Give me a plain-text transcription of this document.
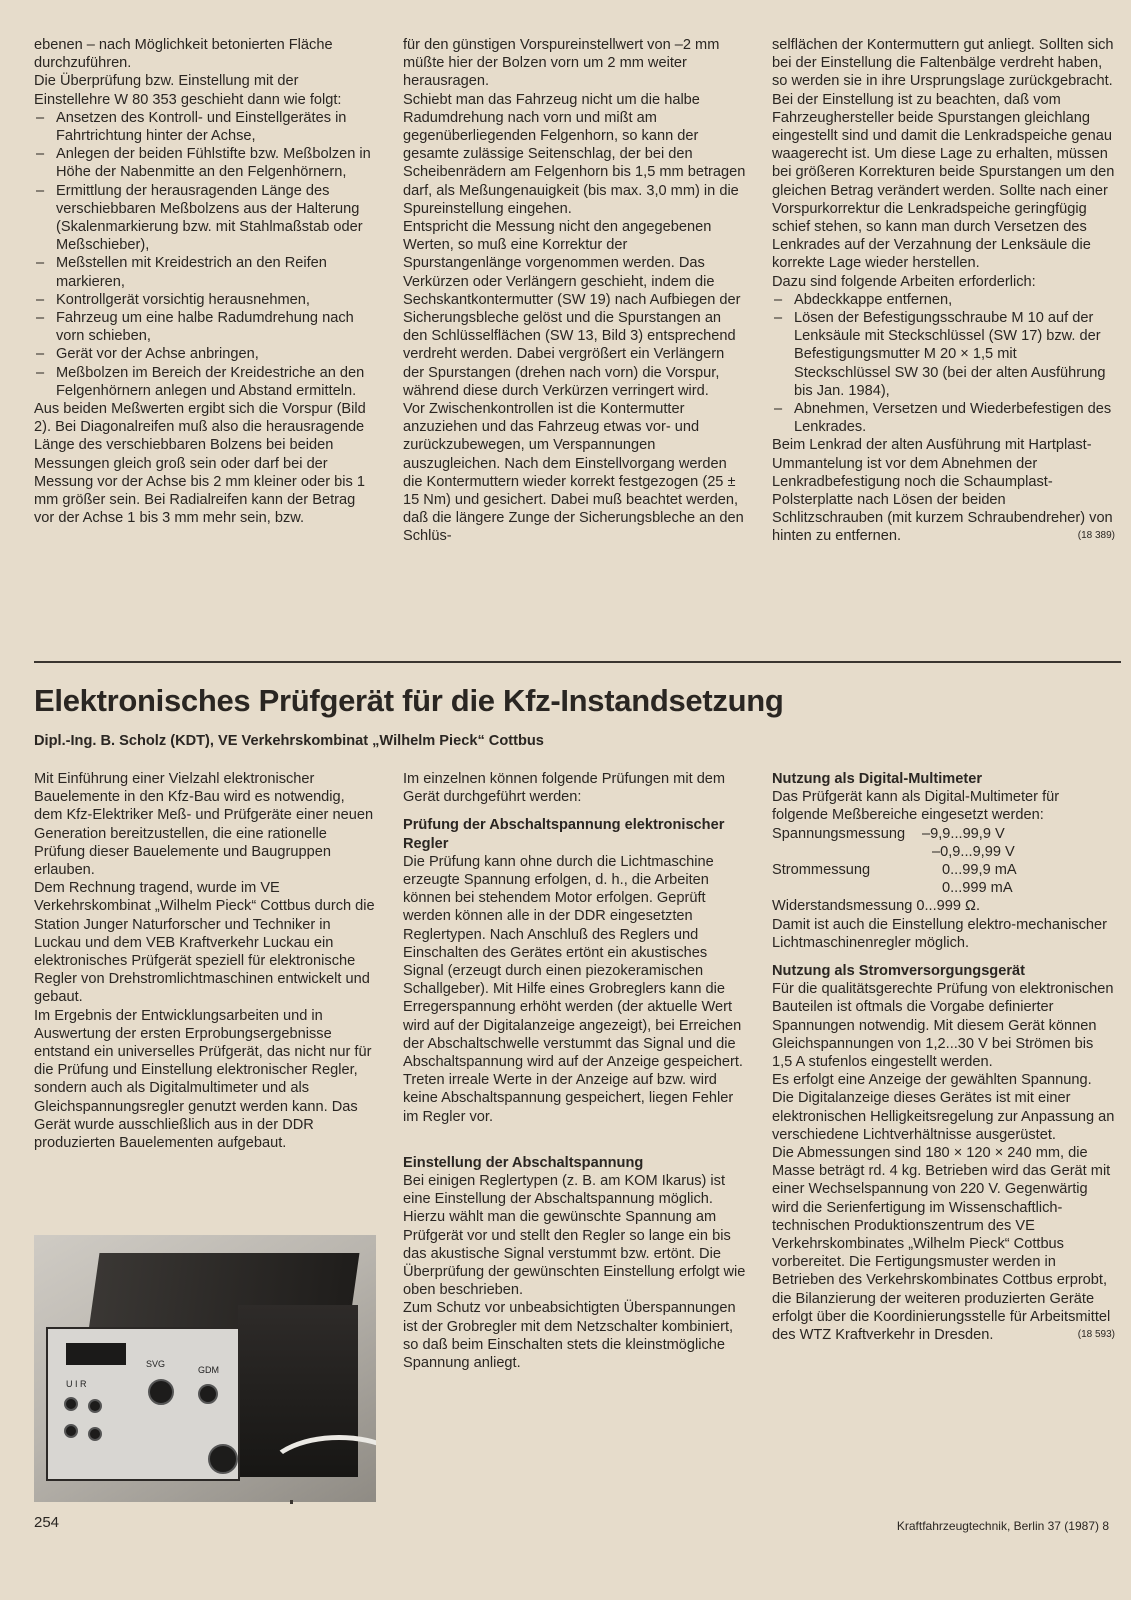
ebenen – nach Möglichkeit betonierten Fläche durchzuführen.

Die Überprüfung bzw. Einstellung mit der Einstellehre W 80 353 geschieht dann wie folgt:

– Ansetzen des Kontroll- und Einstellgerätes in Fahrtrichtung hinter der Achse,
– Anlegen der beiden Fühlstifte bzw. Meßbolzen in Höhe der Nabenmitte an den Felgenhörnern,
– Ermittlung der herausragenden Länge des verschiebbaren Meßbolzens aus der Halterung (Skalenmarkierung bzw. mit Stahlmaßstab oder Meßschieber),
– Meßstellen mit Kreidestrich an den Reifen markieren,
– Kontrollgerät vorsichtig herausnehmen,
– Fahrzeug um eine halbe Radumdrehung nach vorn schieben,
– Gerät vor der Achse anbringen,
– Meßbolzen im Bereich der Kreidestriche an den Felgenhörnern anlegen und Abstand ermitteln.

Aus beiden Meßwerten ergibt sich die Vorspur (Bild 2). Bei Diagonalreifen muß also die herausragende Länge des verschiebbaren Bolzens bei beiden Messungen gleich groß sein oder darf bei der Messung vor der Achse bis 2 mm kleiner oder bis 1 mm größer sein. Bei Radialreifen kann der Betrag vor der Achse 1 bis 3 mm mehr sein, bzw.

für den günstigen Vorspureinstellwert von –2 mm müßte hier der Bolzen vorn um 2 mm weiter herausragen.

Schiebt man das Fahrzeug nicht um die halbe Radumdrehung nach vorn und mißt am gegenüberliegenden Felgenhorn, so kann der gesamte zulässige Seitenschlag, der bei den Scheibenrädern am Felgenhorn bis 1,5 mm betragen darf, als Meßungenauigkeit (bis max. 3,0 mm) in die Spureinstellung eingehen.

Entspricht die Messung nicht den angegebenen Werten, so muß eine Korrektur der Spurstangenlänge vorgenommen werden. Das Verkürzen oder Verlängern geschieht, indem die Sechskantkontermutter (SW 19) nach Aufbiegen der Sicherungsbleche gelöst und die Spurstangen an den Schlüsselflächen (SW 13, Bild 3) entsprechend verdreht werden. Dabei vergrößert ein Verlängern der Spurstangen (drehen nach vorn) die Vorspur, während diese durch Verkürzen verringert wird.

Vor Zwischenkontrollen ist die Kontermutter anzuziehen und das Fahrzeug etwas vor- und zurückzubewegen, um Verspannungen auszugleichen. Nach dem Einstellvorgang werden die Kontermuttern wieder korrekt festgezogen (25 ± 15 Nm) und gesichert. Dabei muß beachtet werden, daß die längere Zunge der Sicherungsbleche an den Schlüs-

selflächen der Kontermuttern gut anliegt. Sollten sich bei der Einstellung die Faltenbälge verdreht haben, so werden sie in ihre Ursprungslage zurückgebracht.

Bei der Einstellung ist zu beachten, daß vom Fahrzeughersteller beide Spurstangen gleichlang eingestellt sind und damit die Lenkradspeiche genau waagerecht ist. Um diese Lage zu erhalten, müssen bei größeren Korrekturen beide Spurstangen um den gleichen Betrag verändert werden. Sollte nach einer Vorspurkorrektur die Lenkradspeiche geringfügig schief stehen, so kann man durch Versetzen des Lenkrades auf der Verzahnung der Lenksäule die korrekte Lage wieder herstellen.

Dazu sind folgende Arbeiten erforderlich:

– Abdeckkappe entfernen,
– Lösen der Befestigungsschraube M 10 auf der Lenksäule mit Steckschlüssel (SW 17) bzw. der Befestigungsmutter M 20 × 1,5 mit Steckschlüssel SW 30 (bei der alten Ausführung bis Jan. 1984),
– Abnehmen, Versetzen und Wiederbefestigen des Lenkrades.

Beim Lenkrad der alten Ausführung mit Hartplast-Ummantelung ist vor dem Abnehmen der Lenkradbefestigung noch die Schaumplast-Polsterplatte nach Lösen der beiden Schlitzschrauben (mit kurzem Schraubendreher) von hinten zu entfernen.	(18 389)

Elektronisches Prüfgerät für die Kfz-Instandsetzung
Dipl.-Ing. B. Scholz (KDT), VE Verkehrskombinat „Wilhelm Pieck“ Cottbus

Mit Einführung einer Vielzahl elektronischer Bauelemente in den Kfz-Bau wird es notwendig, dem Kfz-Elektriker Meß- und Prüfgeräte einer neuen Generation bereitzustellen, die eine rationelle Prüfung dieser Bauelemente und Baugruppen erlauben.

Dem Rechnung tragend, wurde im VE Verkehrskombinat „Wilhelm Pieck“ Cottbus durch die Station Junger Naturforscher und Techniker in Luckau und dem VEB Kraftverkehr Luckau ein elektronisches Prüfgerät speziell für elektronische Regler von Drehstromlichtmaschinen entwickelt und gebaut.

Im Ergebnis der Entwicklungsarbeiten und in Auswertung der ersten Erprobungsergebnisse entstand ein universelles Prüfgerät, das nicht nur für die Prüfung und Einstellung elektronischer Regler, sondern auch als Digitalmultimeter und als Gleichspannungsregler genutzt werden kann. Das Gerät wurde ausschließlich aus in der DDR produzierten Bauelementen aufgebaut.

U I R
SVG
GDM

Im einzelnen können folgende Prüfungen mit dem Gerät durchgeführt werden:

Prüfung der Abschaltspannung elektronischer Regler

Die Prüfung kann ohne durch die Lichtmaschine erzeugte Spannung erfolgen, d. h., die Arbeiten können bei stehendem Motor erfolgen. Geprüft werden können alle in der DDR eingesetzten Reglertypen. Nach Anschluß des Reglers und Einschalten des Gerätes ertönt ein akustisches Signal (erzeugt durch einen piezokeramischen Schallgeber). Mit Hilfe eines Grobreglers kann die Erregerspannung erhöht werden (der aktuelle Wert wird auf der Digitalanzeige angezeigt), bei Erreichen der Abschaltschwelle verstummt das Signal und die Abschaltspannung wird auf der Anzeige gespeichert. Treten irreale Werte in der Anzeige auf bzw. wird keine Abschaltspannung gespeichert, liegen Fehler im Regler vor.

Einstellung der Abschaltspannung

Bei einigen Reglertypen (z. B. am KOM Ikarus) ist eine Einstellung der Abschaltspannung möglich. Hierzu wählt man die gewünschte Spannung am Prüfgerät vor und stellt den Regler so lange ein bis das akustische Signal verstummt bzw. ertönt. Die Überprüfung der gewünschten Einstellung erfolgt wie oben beschrieben.

Zum Schutz vor unbeabsichtigten Überspannungen ist der Grobregler mit dem Netzschalter kombiniert, so daß beim Einschalten stets die kleinstmögliche Spannung anliegt.

Nutzung als Digital-Multimeter

Das Prüfgerät kann als Digital-Multimeter für folgende Meßbereiche eingesetzt werden:

Spannungsmessung	–9,9...99,9 V
–0,9...9,99 V
Strommessung	0...99,9 mA
0...999 mA

Widerstandsmessung 0...999 Ω.

Damit ist auch die Einstellung elektro-mechanischer Lichtmaschinenregler möglich.

Nutzung als Stromversorgungsgerät

Für die qualitätsgerechte Prüfung von elektronischen Bauteilen ist oftmals die Vorgabe definierter Spannungen notwendig. Mit diesem Gerät können Gleichspannungen von 1,2...30 V bei Strömen bis 1,5 A stufenlos eingestellt werden.

Es erfolgt eine Anzeige der gewählten Spannung.

Die Digitalanzeige dieses Gerätes ist mit einer elektronischen Helligkeitsregelung zur Anpassung an verschiedene Lichtverhältnisse ausgerüstet.

Die Abmessungen sind 180 × 120 × 240 mm, die Masse beträgt rd. 4 kg. Betrieben wird das Gerät mit einer Wechselspannung von 220 V. Gegenwärtig wird die Serienfertigung im Wissenschaftlich-technischen Produktionszentrum des VE Verkehrskombinates „Wilhelm Pieck“ Cottbus vorbereitet. Die Fertigungsmuster werden in Betrieben des Verkehrskombinates Cottbus erprobt, die Bilanzierung der weiteren produzierten Geräte erfolgt über die Koordinierungsstelle für Arbeitsmittel des WTZ Kraftverkehr in Dresden.	(18 593)

254	Kraftfahrzeugtechnik, Berlin 37 (1987) 8
